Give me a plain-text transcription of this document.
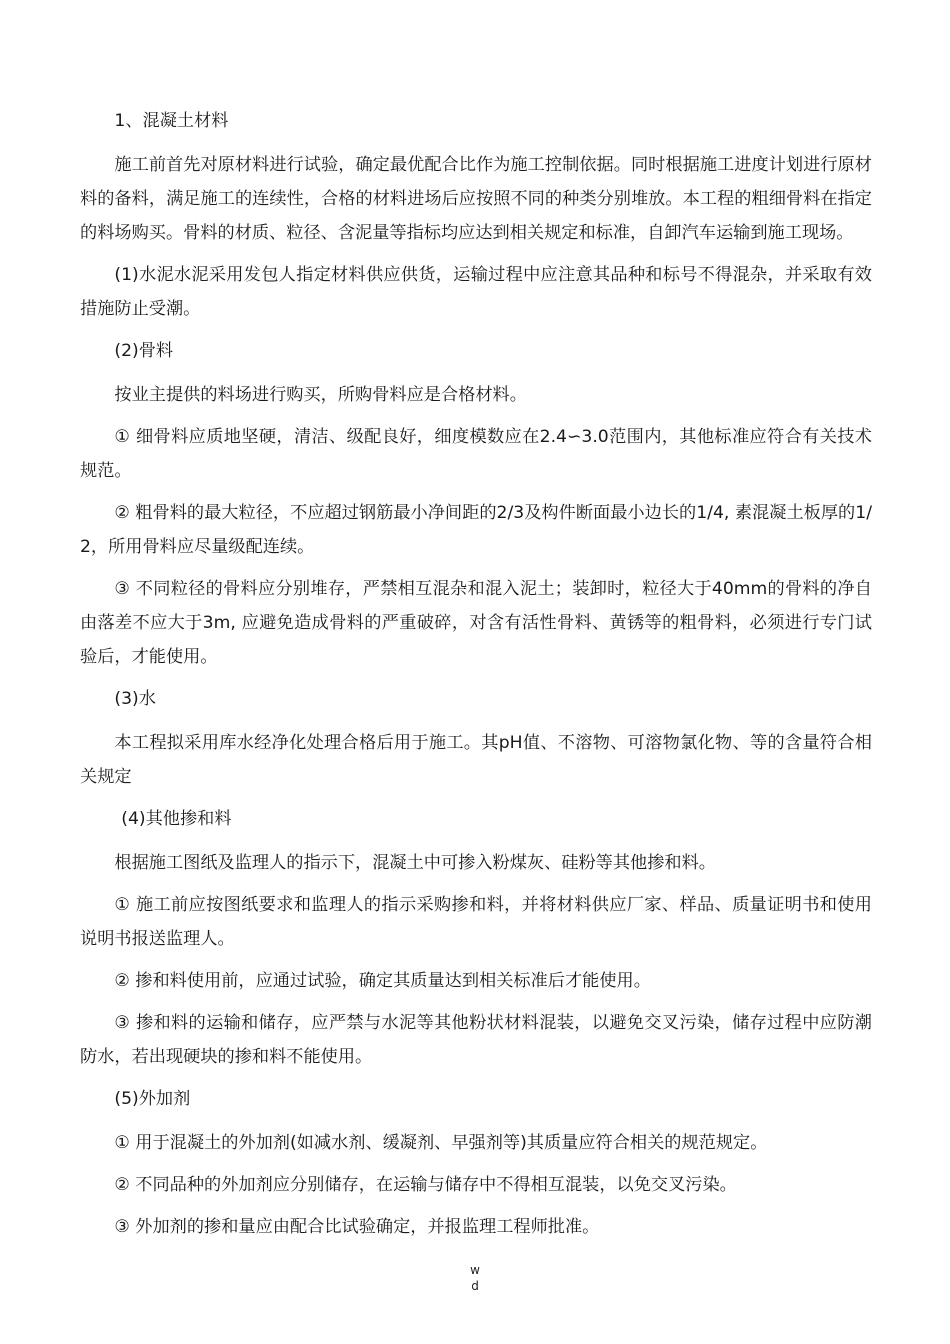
1、混凝土材料

施工前首先对原材料进行试验，确定最优配合比作为施工控制依据。同时根据施工进度计划进行原材料的备料，满足施工的连续性，合格的材料进场后应按照不同的种类分别堆放。本工程的粗细骨料在指定的料场购买。骨料的材质、粒径、含泥量等指标均应达到相关规定和标准，自卸汽车运输到施工现场。

(1)水泥水泥采用发包人指定材料供应供货，运输过程中应注意其品种和标号不得混杂，并采取有效措施防止受潮。

(2)骨料

按业主提供的料场进行购买，所购骨料应是合格材料。

① 细骨料应质地坚硬，清洁、级配良好，细度模数应在2.4∽3.0范围内，其他标准应符合有关技术规范。

② 粗骨料的最大粒径，不应超过钢筋最小净间距的2/3及构件断面最小边长的1/4, 素混凝土板厚的1/2，所用骨料应尽量级配连续。

③ 不同粒径的骨料应分别堆存，严禁相互混杂和混入泥土；装卸时，粒径大于40mm的骨料的净自由落差不应大于3m, 应避免造成骨料的严重破碎，对含有活性骨料、黄锈等的粗骨料，必须进行专门试验后，才能使用。

(3)水

本工程拟采用库水经净化处理合格后用于施工。其pH值、不溶物、可溶物氯化物、等的含量符合相关规定

(4)其他掺和料

根据施工图纸及监理人的指示下，混凝土中可掺入粉煤灰、硅粉等其他掺和料。

① 施工前应按图纸要求和监理人的指示采购掺和料，并将材料供应厂家、样品、质量证明书和使用说明书报送监理人。

② 掺和料使用前，应通过试验，确定其质量达到相关标准后才能使用。

③ 掺和料的运输和储存，应严禁与水泥等其他粉状材料混装，以避免交叉污染，储存过程中应防潮防水，若出现硬块的掺和料不能使用。

(5)外加剂

① 用于混凝土的外加剂(如减水剂、缓凝剂、早强剂等)其质量应符合相关的规范规定。

② 不同品种的外加剂应分别储存，在运输与储存中不得相互混装，以免交叉污染。

③ 外加剂的掺和量应由配合比试验确定，并报监理工程师批准。

w
d
